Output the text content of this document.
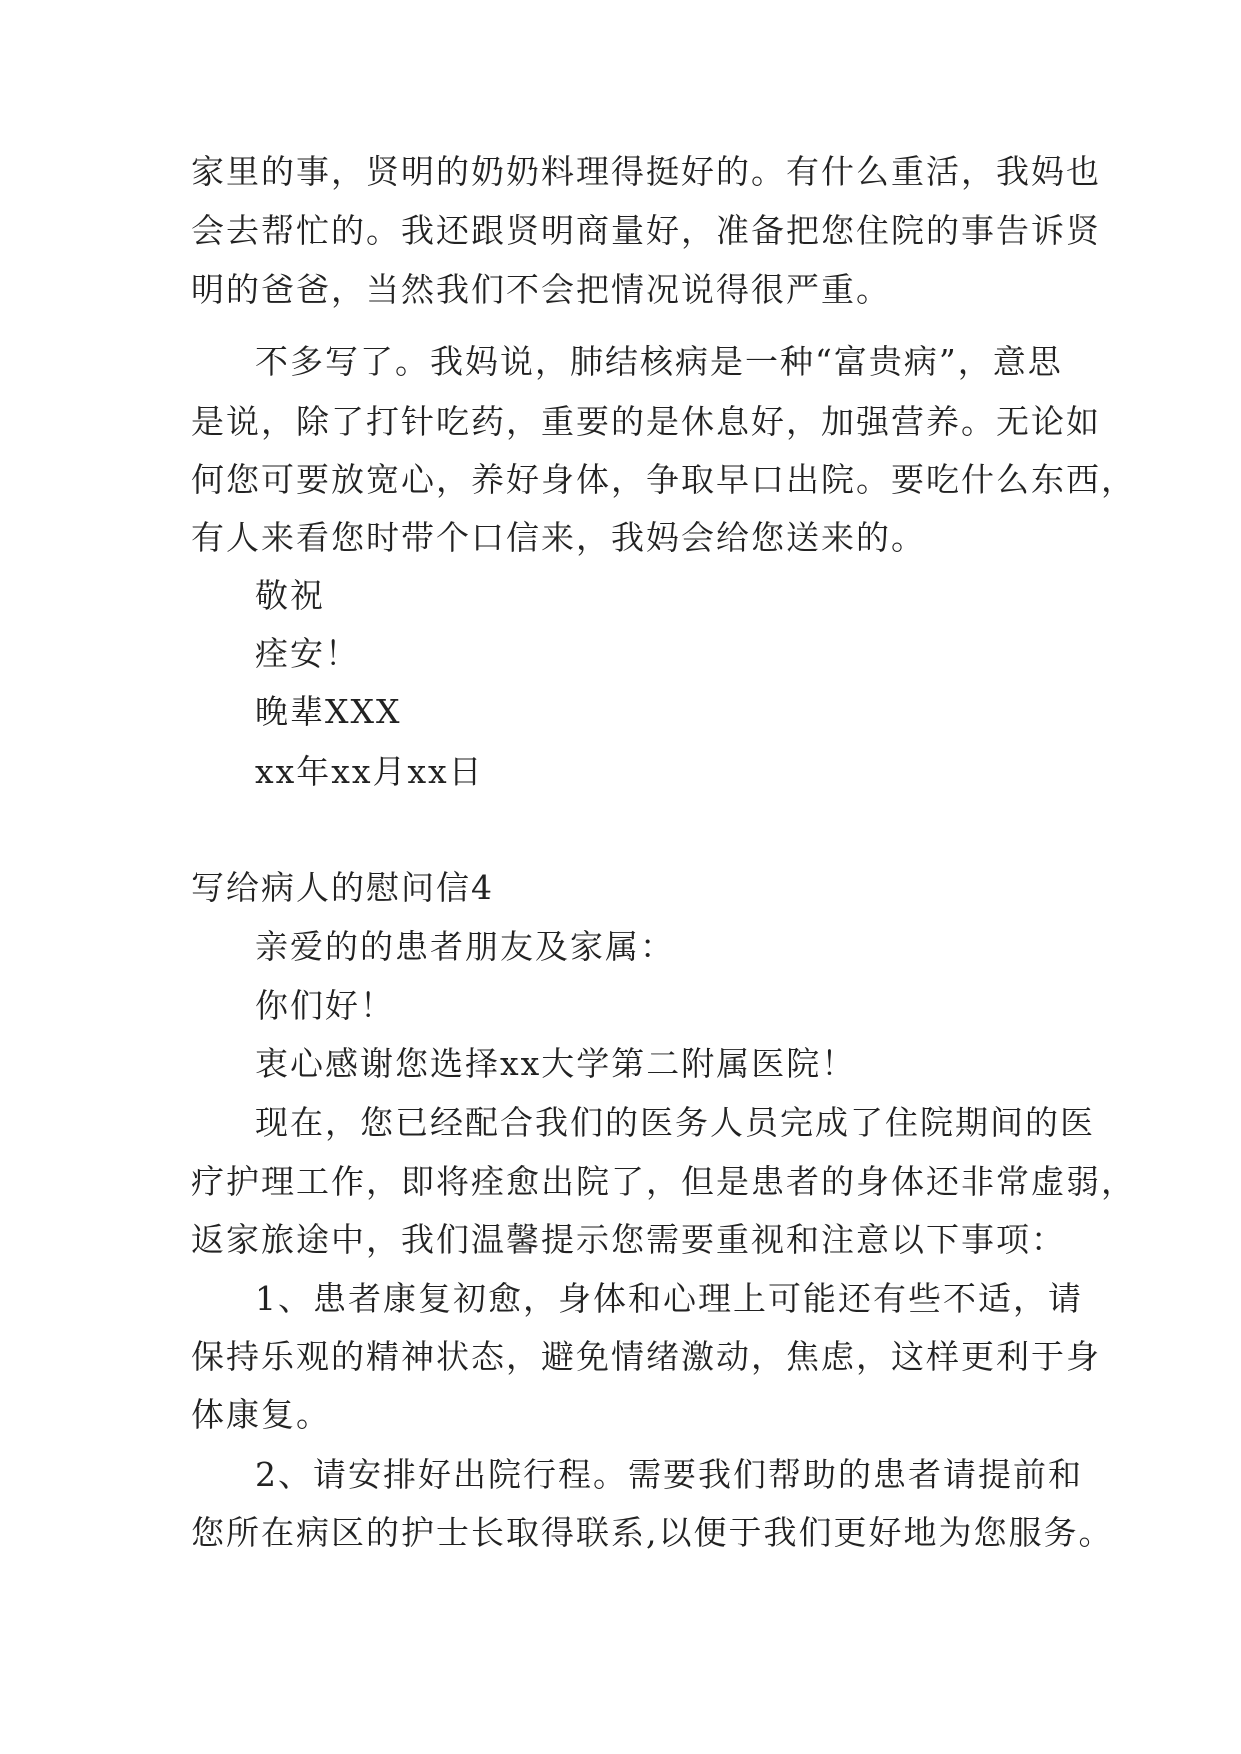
家里的事，贤明的奶奶料理得挺好的。有什么重活，我妈也
会去帮忙的。我还跟贤明商量好，准备把您住院的事告诉贤
明的爸爸，当然我们不会把情况说得很严重。
不多写了。我妈说，肺结核病是一种“富贵病”，意思
是说，除了打针吃药，重要的是休息好，加强营养。无论如
何您可要放宽心，养好身体，争取早口出院。要吃什么东西，
有人来看您时带个口信来，我妈会给您送来的。
敬祝
痊安！
晚辈XXX
xx年xx月xx日
写给病人的慰问信4
亲爱的的患者朋友及家属：
你们好！
衷心感谢您选择xx大学第二附属医院！
现在，您已经配合我们的医务人员完成了住院期间的医
疗护理工作，即将痊愈出院了，但是患者的身体还非常虚弱，
返家旅途中，我们温馨提示您需要重视和注意以下事项：
1、患者康复初愈，身体和心理上可能还有些不适，请
保持乐观的精神状态，避免情绪激动，焦虑，这样更利于身
体康复。
2、请安排好出院行程。需要我们帮助的患者请提前和
您所在病区的护士长取得联系,以便于我们更好地为您服务。
